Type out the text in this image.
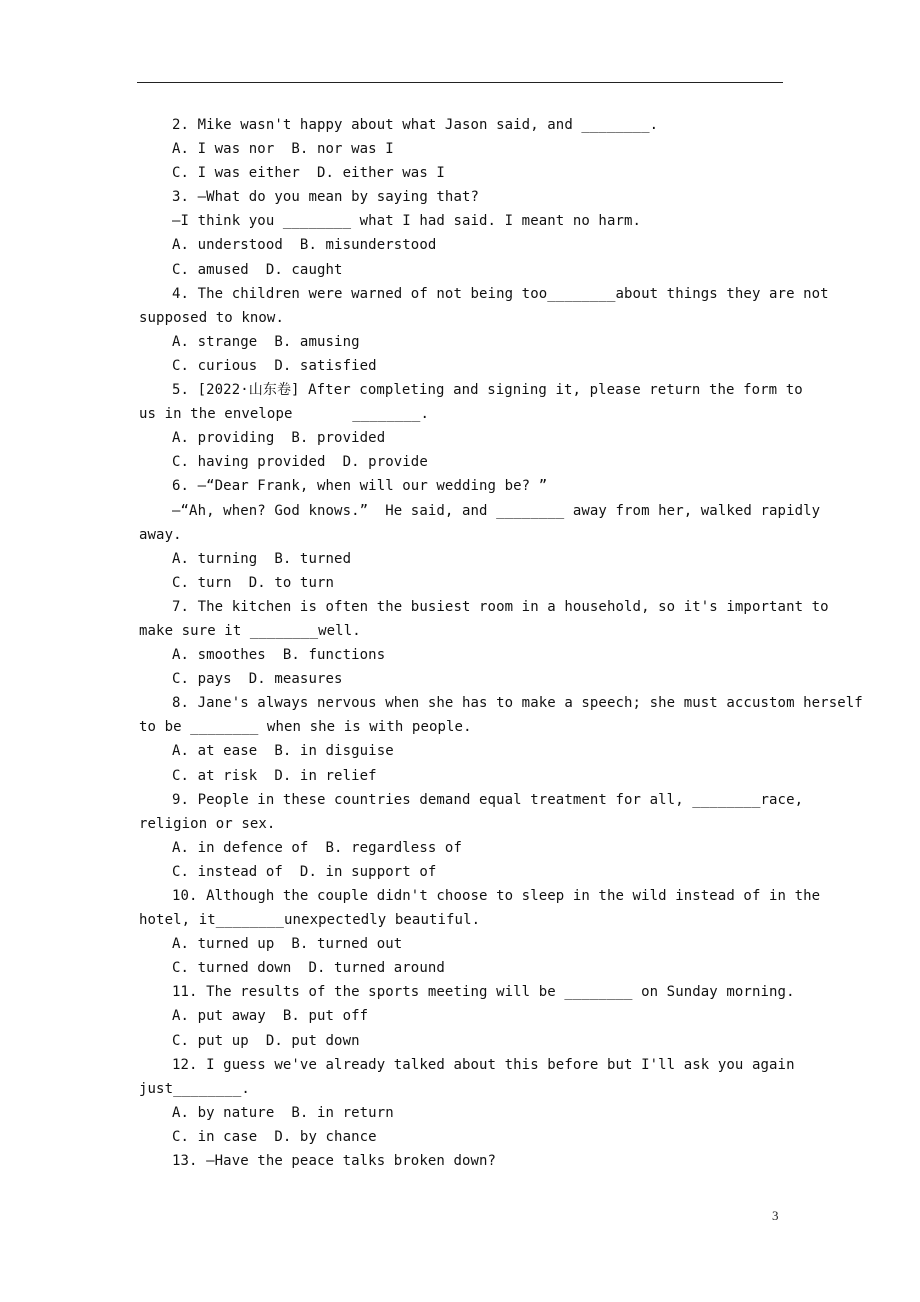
2. Mike wasn't happy about what Jason said, and ________.
A. I was nor  B. nor was I
C. I was either  D. either was I
3. —What do you mean by saying that?
—I think you ________ what I had said. I meant no harm.
A. understood  B. misunderstood
C. amused  D. caught
4. The children were warned of not being too________about things they are not
supposed to know.
A. strange  B. amusing
C. curious  D. satisfied
5. [2022·山东卷] After completing and signing it, please return the form to
us in the envelope       ________.
A. providing  B. provided
C. having provided  D. provide
6. —“Dear Frank, when will our wedding be? ”
—“Ah, when? God knows.”  He said, and ________ away from her, walked rapidly
away.
A. turning  B. turned
C. turn  D. to turn
7. The kitchen is often the busiest room in a household, so it's important to
make sure it ________well.
A. smoothes  B. functions
C. pays  D. measures
8. Jane's always nervous when she has to make a speech; she must accustom herself
to be ________ when she is with people.
A. at ease  B. in disguise
C. at risk  D. in relief
9. People in these countries demand equal treatment for all, ________race,
religion or sex.
A. in defence of  B. regardless of
C. instead of  D. in support of
10. Although the couple didn't choose to sleep in the wild instead of in the
hotel, it________unexpectedly beautiful.
A. turned up  B. turned out
C. turned down  D. turned around
11. The results of the sports meeting will be ________ on Sunday morning.
A. put away  B. put off
C. put up  D. put down
12. I guess we've already talked about this before but I'll ask you again
just________.
A. by nature  B. in return
C. in case  D. by chance
13. —Have the peace talks broken down?
3
